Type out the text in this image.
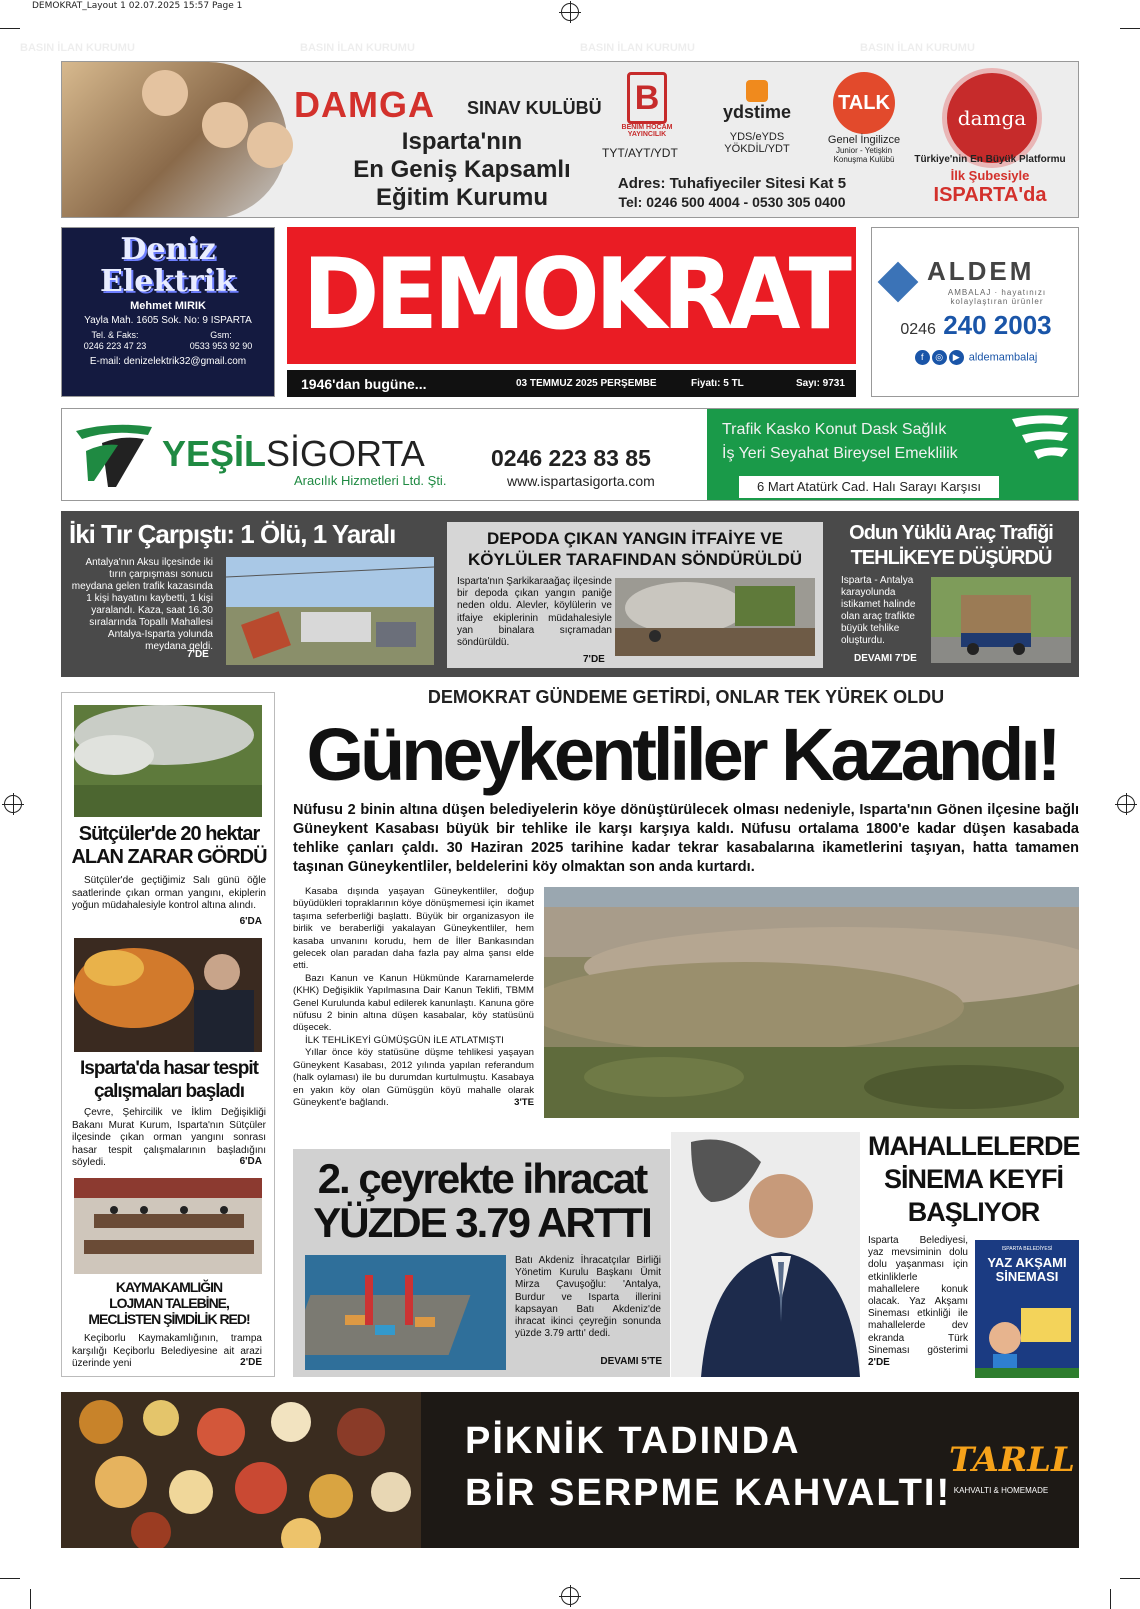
DEMOKRAT_Layout 1 02.07.2025 15:57 Page 1
BASIN İLAN KURUMU	BASIN İLAN KURUMU	BASIN İLAN KURUMU	BASIN İLAN KURUMU
DAMGA SINAV KULÜBÜ
Isparta'nın
En Geniş Kapsamlı
Eğitim Kurumu
B
BENİM HOCAM YAYINCILIK
TYT/AYT/YDT
ydstime
YDS/eYDS
YÖKDİL/YDT
TALK
Genel İngilizce
Junior - Yetişkin
Konuşma Kulübü
damga
Türkiye'nin En Büyük Platformu
İlk Şubesiyle
ISPARTA'da
Adres: Tuhafiyeciler Sitesi Kat 5
Tel: 0246 500 4004 - 0530 305 0400
Deniz
Elektrik
Mehmet MIRIK
Yayla Mah. 1605 Sok. No: 9 ISPARTA
Tel. & Faks:
0246 223 47 23
Gsm:
0533 953 92 90
E-mail: denizelektrik32@gmail.com
DEMOKRAT
1946'dan bugüne...	03 TEMMUZ 2025 PERŞEMBE	Fiyatı: 5 TL	Sayı: 9731
ALDEM
AMBALAJ · hayatınızı kolaylaştıran ürünler
0246 240 2003
f ◎ ▶ aldemambalaj
YEŞİLSİGORTA
Aracılık Hizmetleri Ltd. Şti.
0246 223 83 85
www.ispartasigorta.com
Trafik Kasko Konut Dask Sağlık
İş Yeri Seyahat Bireysel Emeklilik
6 Mart Atatürk Cad. Halı Sarayı Karşısı
İki Tır Çarpıştı: 1 Ölü, 1 Yaralı
Antalya'nın Aksu ilçesinde iki tırın çarpışması sonucu meydana gelen trafik kazasında 1 kişi hayatını kaybetti, 1 kişi yaralandı. Kaza, saat 16.30 sıralarında Topallı Mahallesi Antalya-Isparta yolunda meydana geldi.
7'DE
DEPODA ÇIKAN YANGIN İTFAİYE VE
KÖYLÜLER TARAFINDAN SÖNDÜRÜLDÜ
Isparta'nın Şarkikaraağaç ilçesinde bir depoda çıkan yangın paniğe neden oldu. Alevler, köylülerin ve itfaiye ekiplerinin müdahalesiyle yan binalara sıçramadan söndürüldü.
7'DE
Odun Yüklü Araç Trafiği
TEHLİKEYE DÜŞÜRDÜ
Isparta - Antalya karayolunda istikamet halinde olan araç trafikte büyük tehlike oluşturdu.
DEVAMI 7'DE
Sütçüler'de 20 hektar
ALAN ZARAR GÖRDÜ
Sütçüler'de geçtiğimiz Salı günü öğle saatlerinde çıkan orman yangını, ekiplerin yoğun müdahalesiyle kontrol altına alındı.
6'DA
Isparta'da hasar tespit
çalışmaları başladı
Çevre, Şehircilik ve İklim Değişikliği Bakanı Murat Kurum, Isparta'nın Sütçüler ilçesinde çıkan orman yangını sonrası hasar tespit çalışmalarının başladığını söyledi.	6'DA
KAYMAKAMLIĞIN
LOJMAN TALEBİNE,
MECLİSTEN ŞİMDİLİK RED!
Keçiborlu Kaymakamlığının, trampa karşılığı Keçiborlu Belediyesine ait arazi üzerinde yeni	2'DE
DEMOKRAT GÜNDEME GETİRDİ, ONLAR TEK YÜREK OLDU
Güneykentliler Kazandı!
Nüfusu 2 binin altına düşen belediyelerin köye dönüştürülecek olması nedeniyle, Isparta'nın Gönen ilçesine bağlı Güneykent Kasabası büyük bir tehlike ile karşı karşıya kaldı. Nüfusu ortalama 1800'e kadar düşen kasabada tehlike çanları çaldı. 30 Haziran 2025 tarihine kadar tekrar kasabalarına ikametlerini taşıyan, hatta tamamen taşınan Güneykentliler, beldelerini köy olmaktan son anda kurtardı.

Kasaba dışında yaşayan Güneykentliler, doğup büyüdükleri topraklarının köye dönüşmemesi için ikamet taşıma seferberliği başlattı. Büyük bir organizasyon ile birlik ve beraberliği yakalayan Güneykentliler, hem kasaba unvanını korudu, hem de İller Bankasından gelecek olan paradan daha fazla pay alma şansı elde etti.

Bazı Kanun ve Kanun Hükmünde Kararnamelerde (KHK) Değişiklik Yapılmasına Dair Kanun Teklifi, TBMM Genel Kurulunda kabul edilerek kanunlaştı. Kanuna göre nüfusu 2 binin altına düşen kasabalar, köy statüsünü düşecek.

İLK TEHLİKEYİ GÜMÜŞGÜN İLE ATLATMIŞTI

Yıllar önce köy statüsüne düşme tehlikesi yaşayan Güneykent Kasabası, 2012 yılında yapılan referandum (halk oylaması) ile bu durumdan kurtulmuştu. Kasabaya en yakın köy olan Gümüşgün köyü mahalle olarak Güneykent'e bağlandı.	3'TE
2. çeyrekte ihracat
YÜZDE 3.79 ARTTI
Batı Akdeniz İhracatçılar Birliği Yönetim Kurulu Başkanı Ümit Mirza Çavuşoğlu: 'Antalya, Burdur ve Isparta illerini kapsayan Batı Akdeniz'de ihracat ikinci çeyreğin sonunda yüzde 3.79 arttı' dedi.
DEVAMI 5'TE
MAHALLELERDE
SİNEMA KEYFİ
BAŞLIYOR
Isparta Belediyesi, yaz mevsiminin dolu dolu yaşanması için etkinliklerle mahallelere konuk olacak. Yaz Akşamı Sineması etkinliği ile mahallelerde dev ekranda Türk Sineması gösterimi 2'DE
ISPARTA BELEDİYESİ
YAZ AKŞAMI SİNEMASI
PİKNİK TADINDA
BİR SERPME KAHVALTI!
TARLL
KAHVALTI & HOMEMADE
